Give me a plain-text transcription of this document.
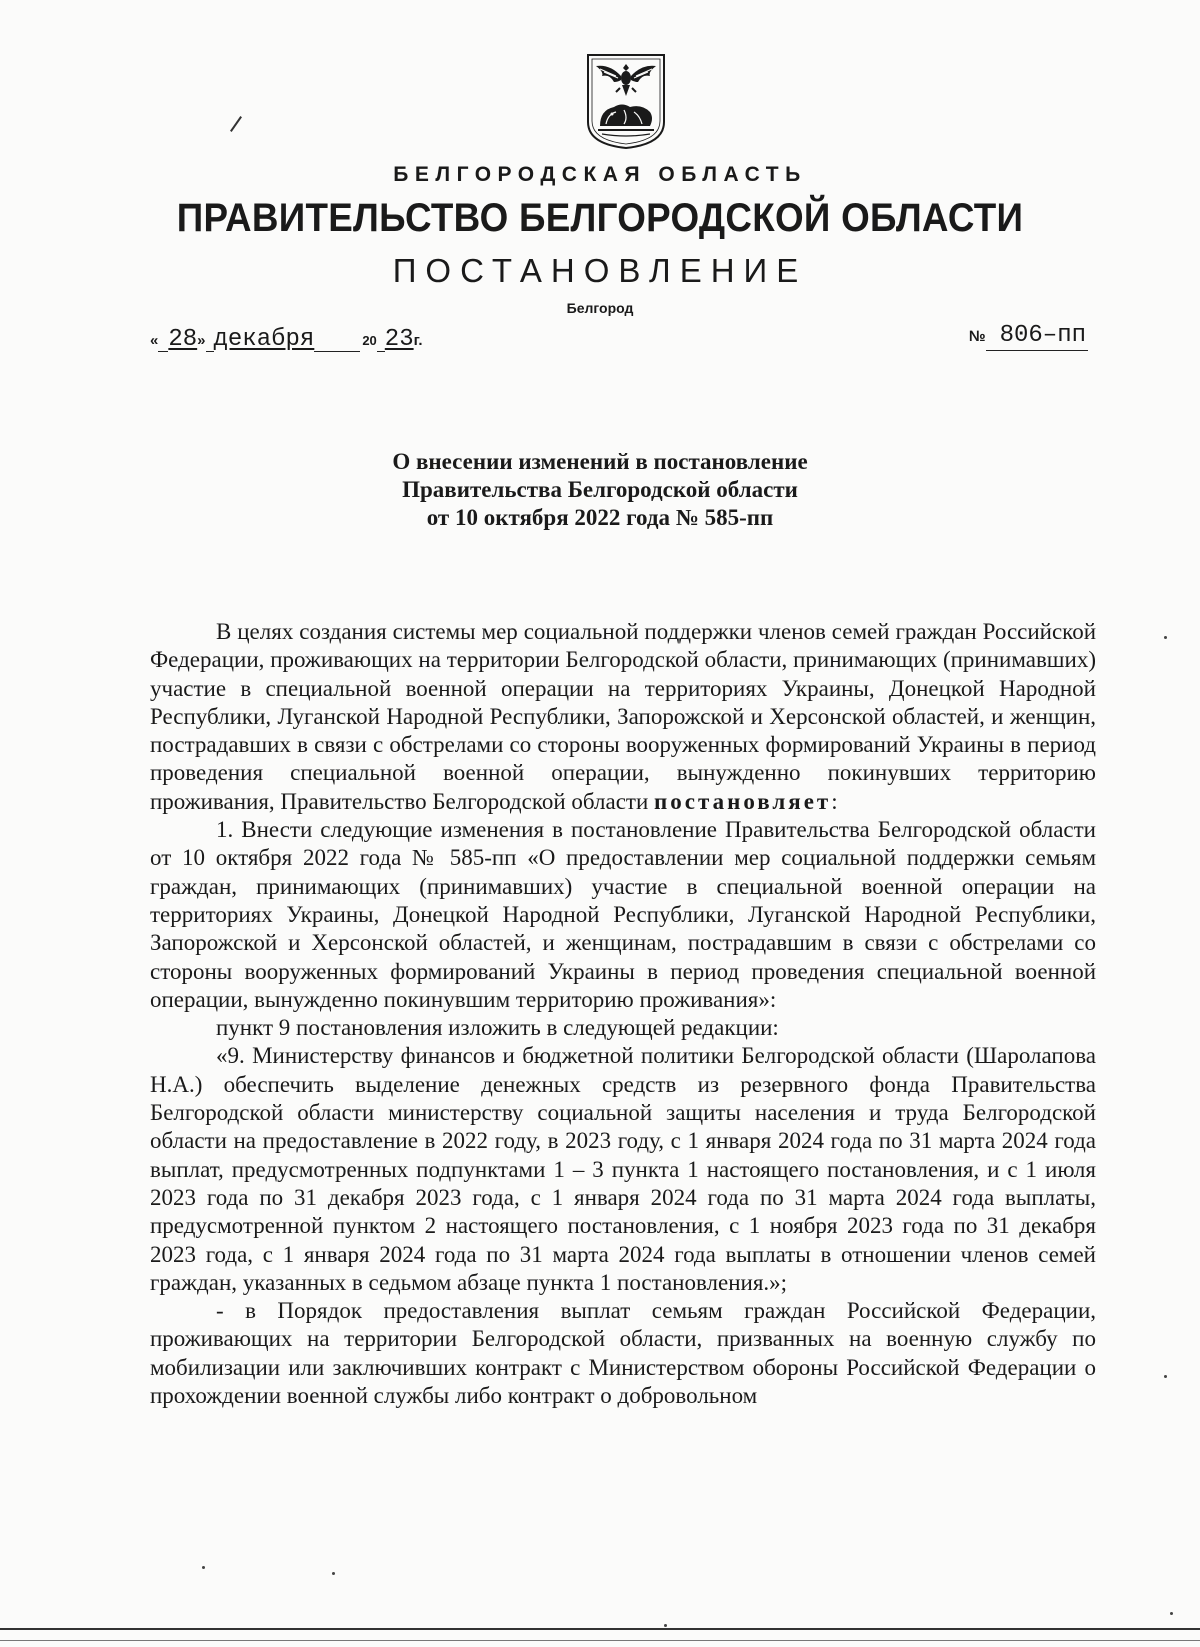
БЕЛГОРОДСКАЯ ОБЛАСТЬ
ПРАВИТЕЛЬСТВО БЕЛГОРОДСКОЙ ОБЛАСТИ
ПОСТАНОВЛЕНИЕ
Белгород
« 28» декабря	20 23г.	№ 806–пп
О внесении изменений в постановление
Правительства Белгородской области
от 10 октября 2022 года № 585-пп

В целях создания системы мер социальной поддержки членов семей граждан Российской Федерации, проживающих на территории Белгородской области, принимающих (принимавших) участие в специальной военной операции на территориях Украины, Донецкой Народной Республики, Луганской Народной Республики, Запорожской и Херсонской областей, и женщин, пострадавших в связи с обстрелами со стороны вооруженных формирований Украины в период проведения специальной военной операции, вынужденно покинувших территорию проживания, Правительство Белгородской области постановляет:

1. Внести следующие изменения в постановление Правительства Белгородской области от 10 октября 2022 года № 585-пп «О предоставлении мер социальной поддержки семьям граждан, принимающих (принимавших) участие в специальной военной операции на территориях Украины, Донецкой Народной Республики, Луганской Народной Республики, Запорожской и Херсонской областей, и женщинам, пострадавшим в связи с обстрелами со стороны вооруженных формирований Украины в период проведения специальной военной операции, вынужденно покинувшим территорию проживания»:

пункт 9 постановления изложить в следующей редакции:

«9. Министерству финансов и бюджетной политики Белгородской области (Шаролапова Н.А.) обеспечить выделение денежных средств из резервного фонда Правительства Белгородской области министерству социальной защиты населения и труда Белгородской области на предоставление в 2022 году, в 2023 году, с 1 января 2024 года по 31 марта 2024 года выплат, предусмотренных подпунктами 1 – 3 пункта 1 настоящего постановления, и с 1 июля 2023 года по 31 декабря 2023 года, с 1 января 2024 года по 31 марта 2024 года выплаты, предусмотренной пунктом 2 настоящего постановления, с 1 ноября 2023 года по 31 декабря 2023 года, с 1 января 2024 года по 31 марта 2024 года выплаты в отношении членов семей граждан, указанных в седьмом абзаце пункта 1 постановления.»;

- в Порядок предоставления выплат семьям граждан Российской Федерации, проживающих на территории Белгородской области, призванных на военную службу по мобилизации или заключивших контракт с Министерством обороны Российской Федерации о прохождении военной службы либо контракт о добровольном
